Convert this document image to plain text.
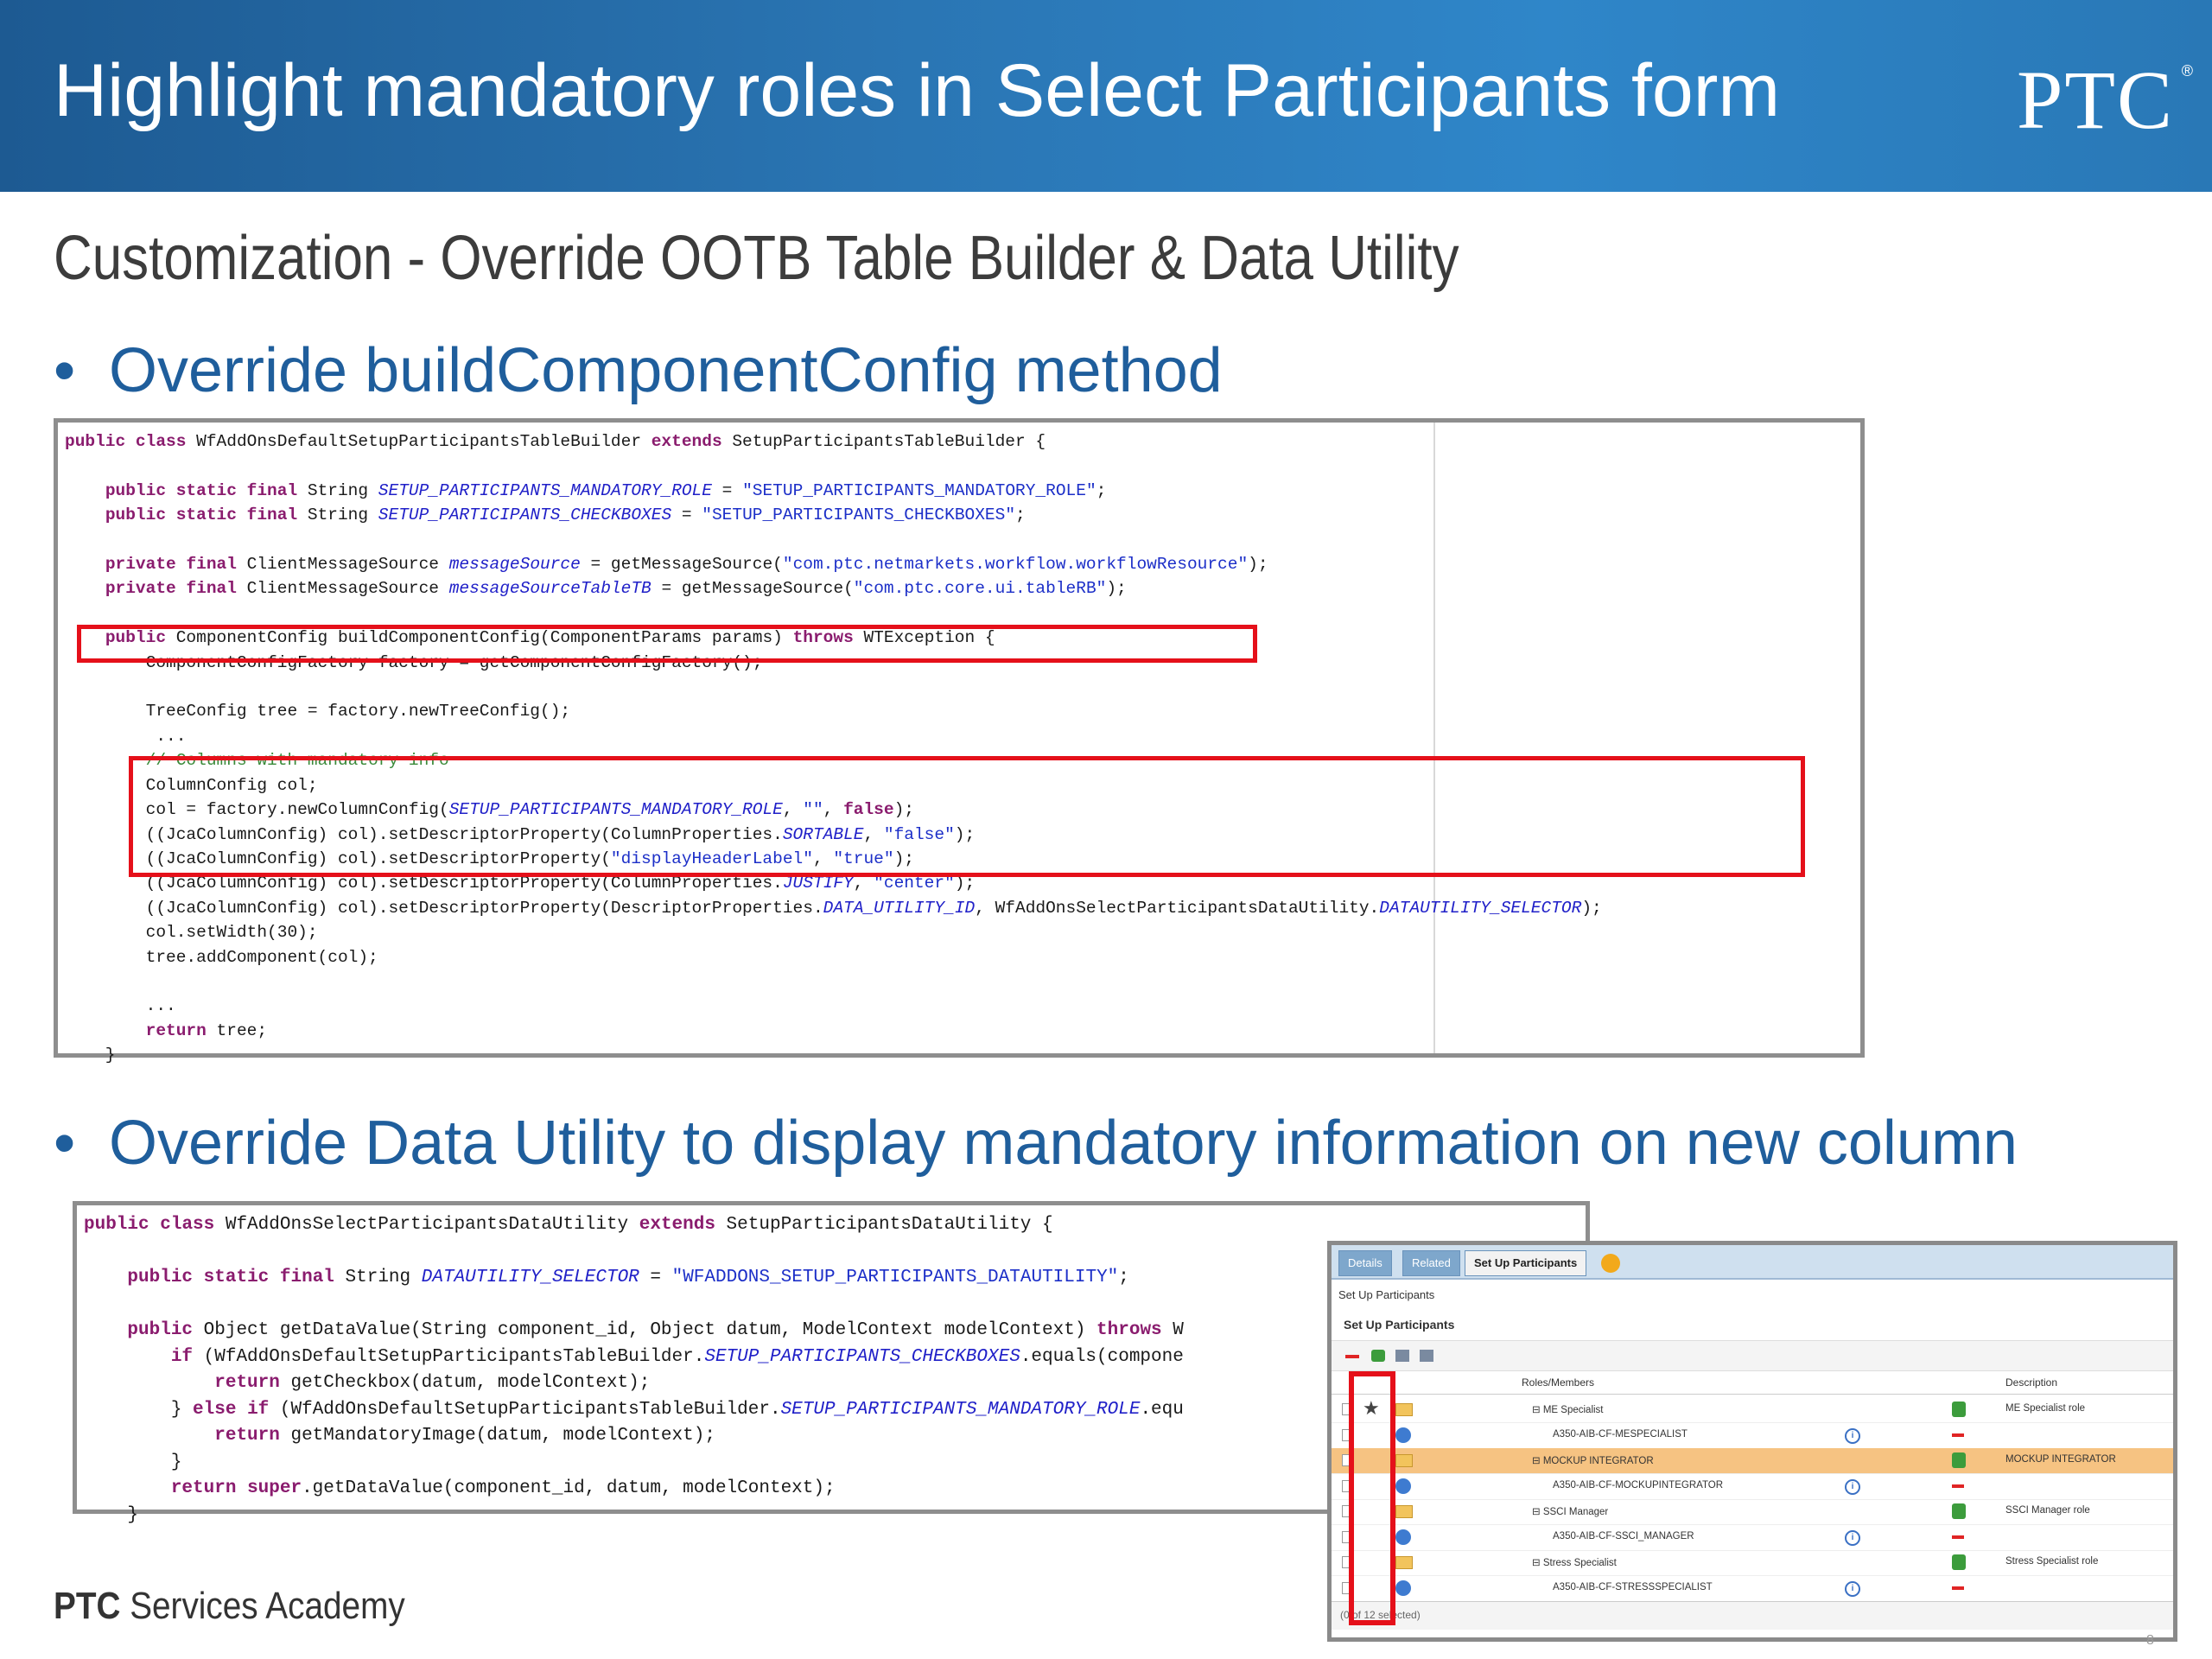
Highlight mandatory roles in Select Participants form	PTC ®
Customization - Override OOTB Table Builder & Data Utility
• Override buildComponentConfig method
public class WfAddOnsDefaultSetupParticipantsTableBuilder extends SetupParticipantsTableBuilder {

public static final String SETUP_PARTICIPANTS_MANDATORY_ROLE = "SETUP_PARTICIPANTS_MANDATORY_ROLE";
public static final String SETUP_PARTICIPANTS_CHECKBOXES = "SETUP_PARTICIPANTS_CHECKBOXES";

private final ClientMessageSource messageSource = getMessageSource("com.ptc.netmarkets.workflow.workflowResource");
private final ClientMessageSource messageSourceTableTB = getMessageSource("com.ptc.core.ui.tableRB");

public ComponentConfig buildComponentConfig(ComponentParams params) throws WTException {
ComponentConfigFactory factory = getComponentConfigFactory();

TreeConfig tree = factory.newTreeConfig();
...
// Columns with mandatory info
ColumnConfig col;
col = factory.newColumnConfig(SETUP_PARTICIPANTS_MANDATORY_ROLE, "", false);
((JcaColumnConfig) col).setDescriptorProperty(ColumnProperties.SORTABLE, "false");
((JcaColumnConfig) col).setDescriptorProperty("displayHeaderLabel", "true");
((JcaColumnConfig) col).setDescriptorProperty(ColumnProperties.JUSTIFY, "center");
((JcaColumnConfig) col).setDescriptorProperty(DescriptorProperties.DATA_UTILITY_ID, WfAddOnsSelectParticipantsDataUtility.DATAUTILITY_SELECTOR);
col.setWidth(30);
tree.addComponent(col);

...
return tree;
}
• Override Data Utility to display mandatory information on new column
public class WfAddOnsSelectParticipantsDataUtility extends SetupParticipantsDataUtility {

public static final String DATAUTILITY_SELECTOR = "WFADDONS_SETUP_PARTICIPANTS_DATAUTILITY";

public Object getDataValue(String component_id, Object datum, ModelContext modelContext) throws W
if (WfAddOnsDefaultSetupParticipantsTableBuilder.SETUP_PARTICIPANTS_CHECKBOXES.equals(compone
return getCheckbox(datum, modelContext);
} else if (WfAddOnsDefaultSetupParticipantsTableBuilder.SETUP_PARTICIPANTS_MANDATORY_ROLE.equ
return getMandatoryImage(datum, modelContext);
}
return super.getDataValue(component_id, datum, modelContext);
}
Details	Related	Set Up Participants
Set Up Participants
Set Up Participants
Roles/Members	Description
⊟ ME Specialist	ME Specialist role
A350-AIB-CF-MESPECIALIST	i
⊟ MOCKUP INTEGRATOR	MOCKUP INTEGRATOR
A350-AIB-CF-MOCKUPINTEGRATOR	i
⊟ SSCI Manager	SSCI Manager role
A350-AIB-CF-SSCI_MANAGER	i
⊟ Stress Specialist	Stress Specialist role
A350-AIB-CF-STRESSSPECIALIST	i
★
(0 of 12 selected)
PTC Services Academy
8
